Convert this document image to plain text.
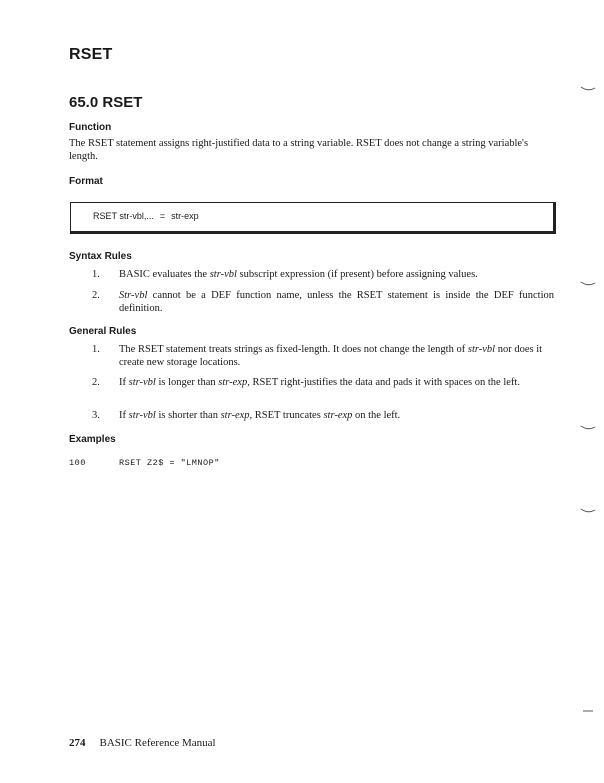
RSET
65.0 RSET
Function
The RSET statement assigns right-justified data to a string variable. RSET does not change a string variable's length.
Format
RSET str-vbl,... = str-exp
Syntax Rules
1. BASIC evaluates the str-vbl subscript expression (if present) before assigning values.
2. Str-vbl cannot be a DEF function name, unless the RSET statement is inside the DEF function definition.
General Rules
1. The RSET statement treats strings as fixed-length. It does not change the length of str-vbl nor does it create new storage locations.
2. If str-vbl is longer than str-exp, RSET right-justifies the data and pads it with spaces on the left.
3. If str-vbl is shorter than str-exp, RSET truncates str-exp on the left.
Examples
100	RSET Z2$ = "LMNOP"
274 BASIC Reference Manual
